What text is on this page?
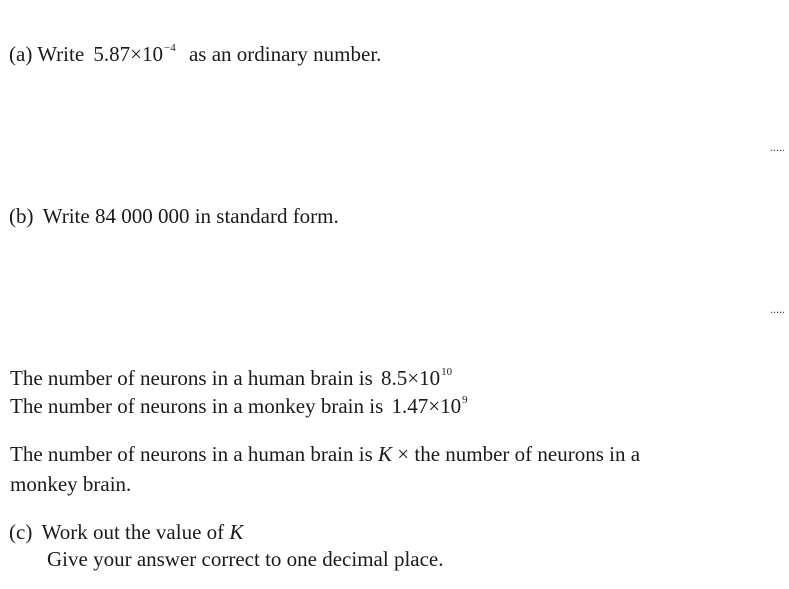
(a) Write $5.87\times 10^{-4}$ as an ordinary number.
.....
(b) Write 84 000 000 in standard form.
.....
The number of neurons in a human brain is $8.5\times 10^{10}$
The number of neurons in a monkey brain is $1.47\times 10^9$
The number of neurons in a human brain is K × the number of neurons in a
monkey brain.
(c) Work out the value of K
Give your answer correct to one decimal place.
